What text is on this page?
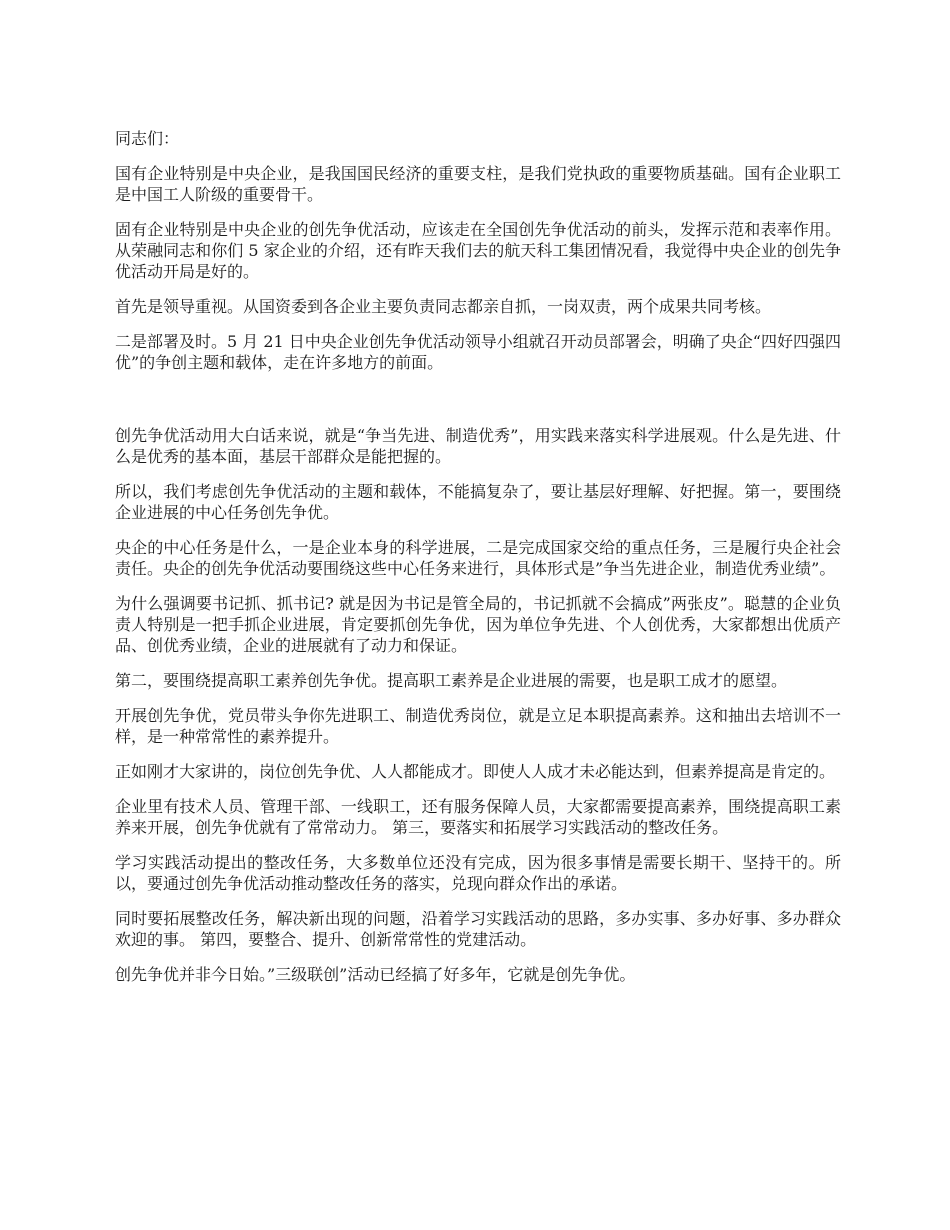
同志们：

国有企业特别是中央企业，是我国国民经济的重要支柱，是我们党执政的重要物质基础。国有企业职工是中国工人阶级的重要骨干。

固有企业特别是中央企业的创先争优活动，应该走在全国创先争优活动的前头，发挥示范和表率作用。从荣融同志和你们 5 家企业的介绍，还有昨天我们去的航天科工集团情况看，我觉得中央企业的创先争优活动开局是好的。

首先是领导重视。从国资委到各企业主要负责同志都亲自抓，一岗双责，两个成果共同考核。

二是部署及时。5 月 21 日中央企业创先争优活动领导小组就召开动员部署会，明确了央企“四好四强四优”的争创主题和载体，走在许多地方的前面。

创先争优活动用大白话来说，就是“争当先进、制造优秀”，用实践来落实科学进展观。什么是先进、什么是优秀的基本面，基层干部群众是能把握的。

所以，我们考虑创先争优活动的主题和载体，不能搞复杂了，要让基层好理解、好把握。第一，要围绕企业进展的中心任务创先争优。

央企的中心任务是什么，一是企业本身的科学进展，二是完成国家交给的重点任务，三是履行央企社会责任。央企的创先争优活动要围绕这些中心任务来进行，具体形式是”争当先进企业，制造优秀业绩”。

为什么强调要书记抓、抓书记? 就是因为书记是管全局的，书记抓就不会搞成”两张皮”。聪慧的企业负责人特别是一把手抓企业进展，肯定要抓创先争优，因为单位争先进、个人创优秀，大家都想出优质产品、创优秀业绩，企业的进展就有了动力和保证。

第二，要围绕提高职工素养创先争优。提高职工素养是企业进展的需要，也是职工成才的愿望。

开展创先争优，党员带头争你先进职工、制造优秀岗位，就是立足本职提高素养。这和抽出去培训不一样，是一种常常性的素养提升。

正如刚才大家讲的，岗位创先争优、人人都能成才。即使人人成才未必能达到，但素养提高是肯定的。

企业里有技术人员、管理干部、一线职工，还有服务保障人员，大家都需要提高素养，围绕提高职工素养来开展，创先争优就有了常常动力。 第三，要落实和拓展学习实践活动的整改任务。

学习实践活动提出的整改任务，大多数单位还没有完成，因为很多事情是需要长期干、坚持干的。所以，要通过创先争优活动推动整改任务的落实，兑现向群众作出的承诺。

同时要拓展整改任务，解决新出现的问题，沿着学习实践活动的思路，多办实事、多办好事、多办群众欢迎的事。 第四，要整合、提升、创新常常性的党建活动。

创先争优并非今日始。”三级联创”活动已经搞了好多年，它就是创先争优。
